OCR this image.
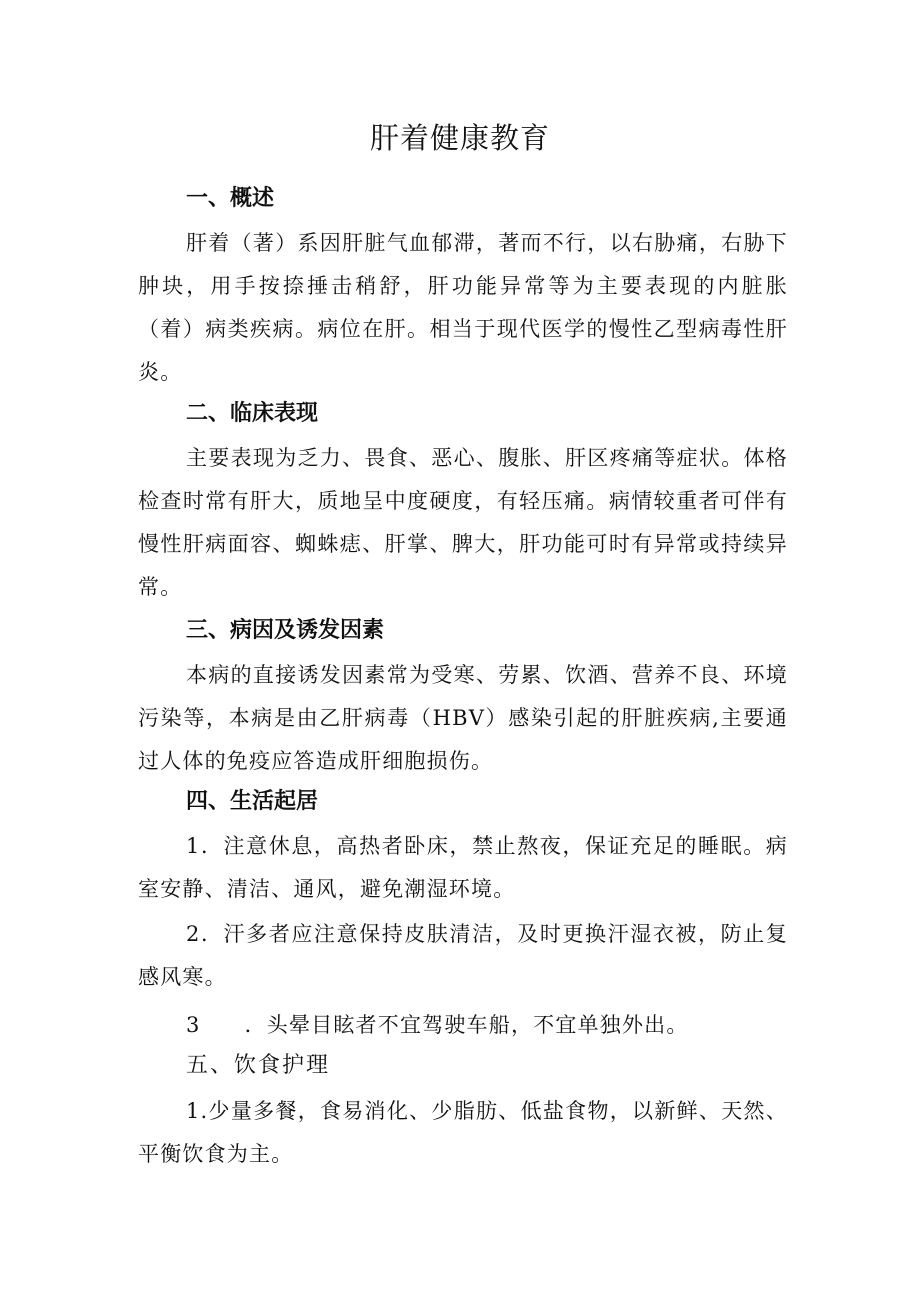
肝着健康教育
一、概述
肝着（著）系因肝脏气血郁滞，著而不行，以右胁痛，右胁下肿块，用手按捺捶击稍舒，肝功能异常等为主要表现的内脏胀（着）病类疾病。病位在肝。相当于现代医学的慢性乙型病毒性肝炎。
二、临床表现
主要表现为乏力、畏食、恶心、腹胀、肝区疼痛等症状。体格检查时常有肝大，质地呈中度硬度，有轻压痛。病情较重者可伴有慢性肝病面容、蜘蛛痣、肝掌、脾大，肝功能可时有异常或持续异常。
三、病因及诱发因素
本病的直接诱发因素常为受寒、劳累、饮酒、营养不良、环境污染等，本病是由乙肝病毒（HBV）感染引起的肝脏疾病,主要通过人体的免疫应答造成肝细胞损伤。
四、生活起居
1．注意休息，高热者卧床，禁止熬夜，保证充足的睡眠。病室安静、清洁、通风，避免潮湿环境。
2．汗多者应注意保持皮肤清洁，及时更换汗湿衣被，防止复感风寒。
3 ．头晕目眩者不宜驾驶车船，不宜单独外出。
五、饮食护理
1.少量多餐，食易消化、少脂肪、低盐食物，以新鲜、天然、平衡饮食为主。
